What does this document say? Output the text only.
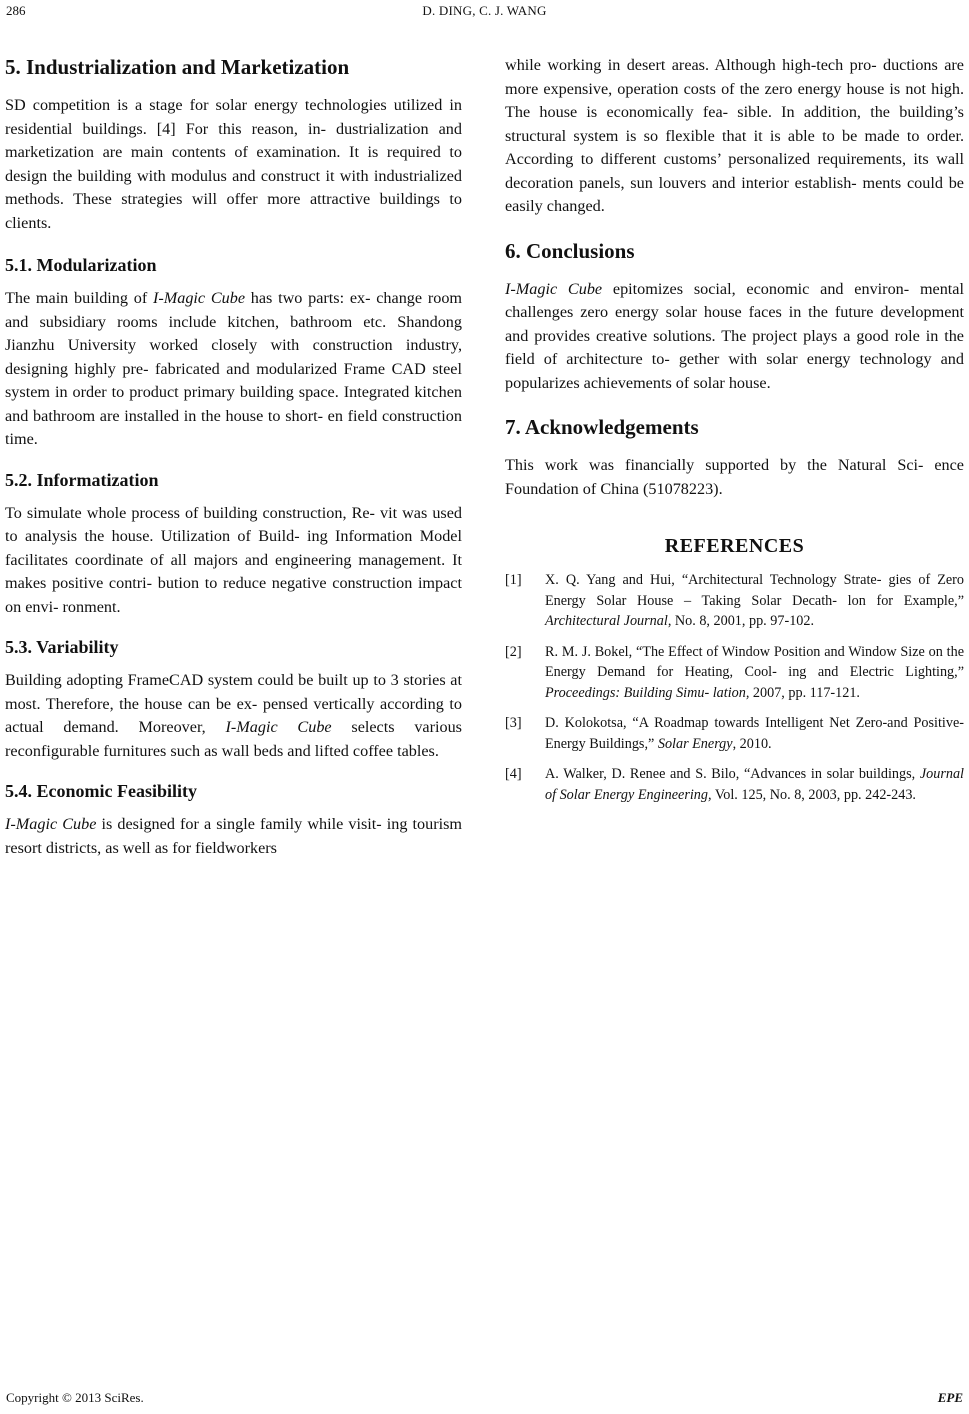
286	D. DING, C. J. WANG
5. Industrialization and Marketization

SD competition is a stage for solar energy technologies utilized in residential buildings. [4] For this reason, in- dustrialization and marketization are main contents of examination. It is required to design the building with modulus and construct it with industrialized methods. These strategies will offer more attractive buildings to clients.

5.1. Modularization

The main building of I-Magic Cube has two parts: ex- change room and subsidiary rooms include kitchen, bathroom etc. Shandong Jianzhu University worked closely with construction industry, designing highly pre- fabricated and modularized Frame CAD steel system in order to product primary building space. Integrated kitchen and bathroom are installed in the house to short- en field construction time.

5.2. Informatization

To simulate whole process of building construction, Re- vit was used to analysis the house. Utilization of Build- ing Information Model facilitates coordinate of all majors and engineering management. It makes positive contri- bution to reduce negative construction impact on envi- ronment.

5.3. Variability

Building adopting FrameCAD system could be built up to 3 stories at most. Therefore, the house can be ex- pensed vertically according to actual demand. Moreover, I-Magic Cube selects various reconfigurable furnitures such as wall beds and lifted coffee tables.

5.4. Economic Feasibility

I-Magic Cube is designed for a single family while visit- ing tourism resort districts, as well as for fieldworkers

while working in desert areas. Although high-tech pro- ductions are more expensive, operation costs of the zero energy house is not high. The house is economically fea- sible. In addition, the building’s structural system is so flexible that it is able to be made to order. According to different customs’ personalized requirements, its wall decoration panels, sun louvers and interior establish- ments could be easily changed.

6. Conclusions

I-Magic Cube epitomizes social, economic and environ- mental challenges zero energy solar house faces in the future development and provides creative solutions. The project plays a good role in the field of architecture to- gether with solar energy technology and popularizes achievements of solar house.

7. Acknowledgements

This work was financially supported by the Natural Sci- ence Foundation of China (51078223).

REFERENCES
[1] X. Q. Yang and Hui, “Architectural Technology Strate- gies of Zero Energy Solar House – Taking Solar Decath- lon for Example,” Architectural Journal, No. 8, 2001, pp. 97-102.
[2] R. M. J. Bokel, “The Effect of Window Position and Window Size on the Energy Demand for Heating, Cool- ing and Electric Lighting,” Proceedings: Building Simu- lation, 2007, pp. 117-121.
[3] D. Kolokotsa, “A Roadmap towards Intelligent Net Zero-and Positive-Energy Buildings,” Solar Energy, 2010.
[4] A. Walker, D. Renee and S. Bilo, “Advances in solar buildings, Journal of Solar Energy Engineering, Vol. 125, No. 8, 2003, pp. 242-243.
Copyright © 2013 SciRes.	EPE
